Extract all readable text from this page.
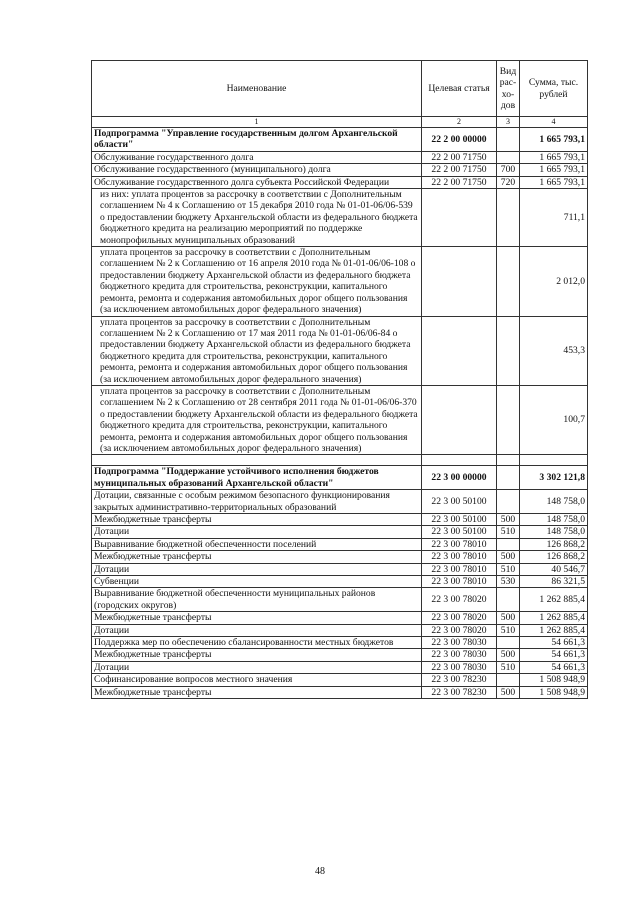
Наименование	Целевая статья	Вид рас-хо-дов	Сумма, тыс. рублей
1	2	3	4
Подпрограмма "Управление государственным долгом Архангельской области"	22 2 00 00000		1 665 793,1
Обслуживание государственного долга	22 2 00 71750		1 665 793,1
Обслуживание государственного (муниципального) долга	22 2 00 71750	700	1 665 793,1
Обслуживание государственного долга субъекта Российской Федерации	22 2 00 71750	720	1 665 793,1
из них: уплата процентов за рассрочку в соответствии с Дополнительным соглашением № 4 к Соглашению от 15 декабря 2010 года № 01-01-06/06-539 о предоставлении бюджету Архангельской области из федерального бюджета бюджетного кредита на реализацию мероприятий по поддержке монопрофильных муниципальных образований			711,1
уплата процентов за рассрочку в соответствии с Дополнительным соглашением № 2 к Соглашению от 16 апреля 2010 года № 01-01-06/06-108 о предоставлении бюджету Архангельской области из федерального бюджета бюджетного кредита для строительства, реконструкции, капитального ремонта, ремонта и содержания автомобильных дорог общего пользования (за исключением автомобильных дорог федерального значения)			2 012,0
уплата процентов за рассрочку в соответствии с Дополнительным соглашением № 2 к Соглашению от 17 мая 2011 года № 01-01-06/06-84 о предоставлении бюджету Архангельской области из федерального бюджета бюджетного кредита для строительства, реконструкции, капитального ремонта, ремонта и содержания автомобильных дорог общего пользования (за исключением автомобильных дорог федерального значения)			453,3
уплата процентов за рассрочку в соответствии с Дополнительным соглашением № 2 к Соглашению от 28 сентября 2011 года № 01-01-06/06-370 о предоставлении бюджету Архангельской области из федерального бюджета бюджетного кредита для строительства, реконструкции, капитального ремонта, ремонта и содержания автомобильных дорог общего пользования (за исключением автомобильных дорог федерального значения)			100,7

Подпрограмма "Поддержание устойчивого исполнения бюджетов муниципальных образований Архангельской области"	22 3 00 00000		3 302 121,8
Дотации, связанные с особым режимом безопасного функционирования закрытых административно-территориальных образований	22 3 00 50100		148 758,0
Межбюджетные трансферты	22 3 00 50100	500	148 758,0
Дотации	22 3 00 50100	510	148 758,0
Выравнивание бюджетной обеспеченности поселений	22 3 00 78010		126 868,2
Межбюджетные трансферты	22 3 00 78010	500	126 868,2
Дотации	22 3 00 78010	510	40 546,7
Субвенции	22 3 00 78010	530	86 321,5
Выравнивание бюджетной обеспеченности муниципальных районов (городских округов)	22 3 00 78020		1 262 885,4
Межбюджетные трансферты	22 3 00 78020	500	1 262 885,4
Дотации	22 3 00 78020	510	1 262 885,4
Поддержка мер по обеспечению сбалансированности местных бюджетов	22 3 00 78030		54 661,3
Межбюджетные трансферты	22 3 00 78030	500	54 661,3
Дотации	22 3 00 78030	510	54 661,3
Софинансирование вопросов местного значения	22 3 00 78230		1 508 948,9
Межбюджетные трансферты	22 3 00 78230	500	1 508 948,9
48
